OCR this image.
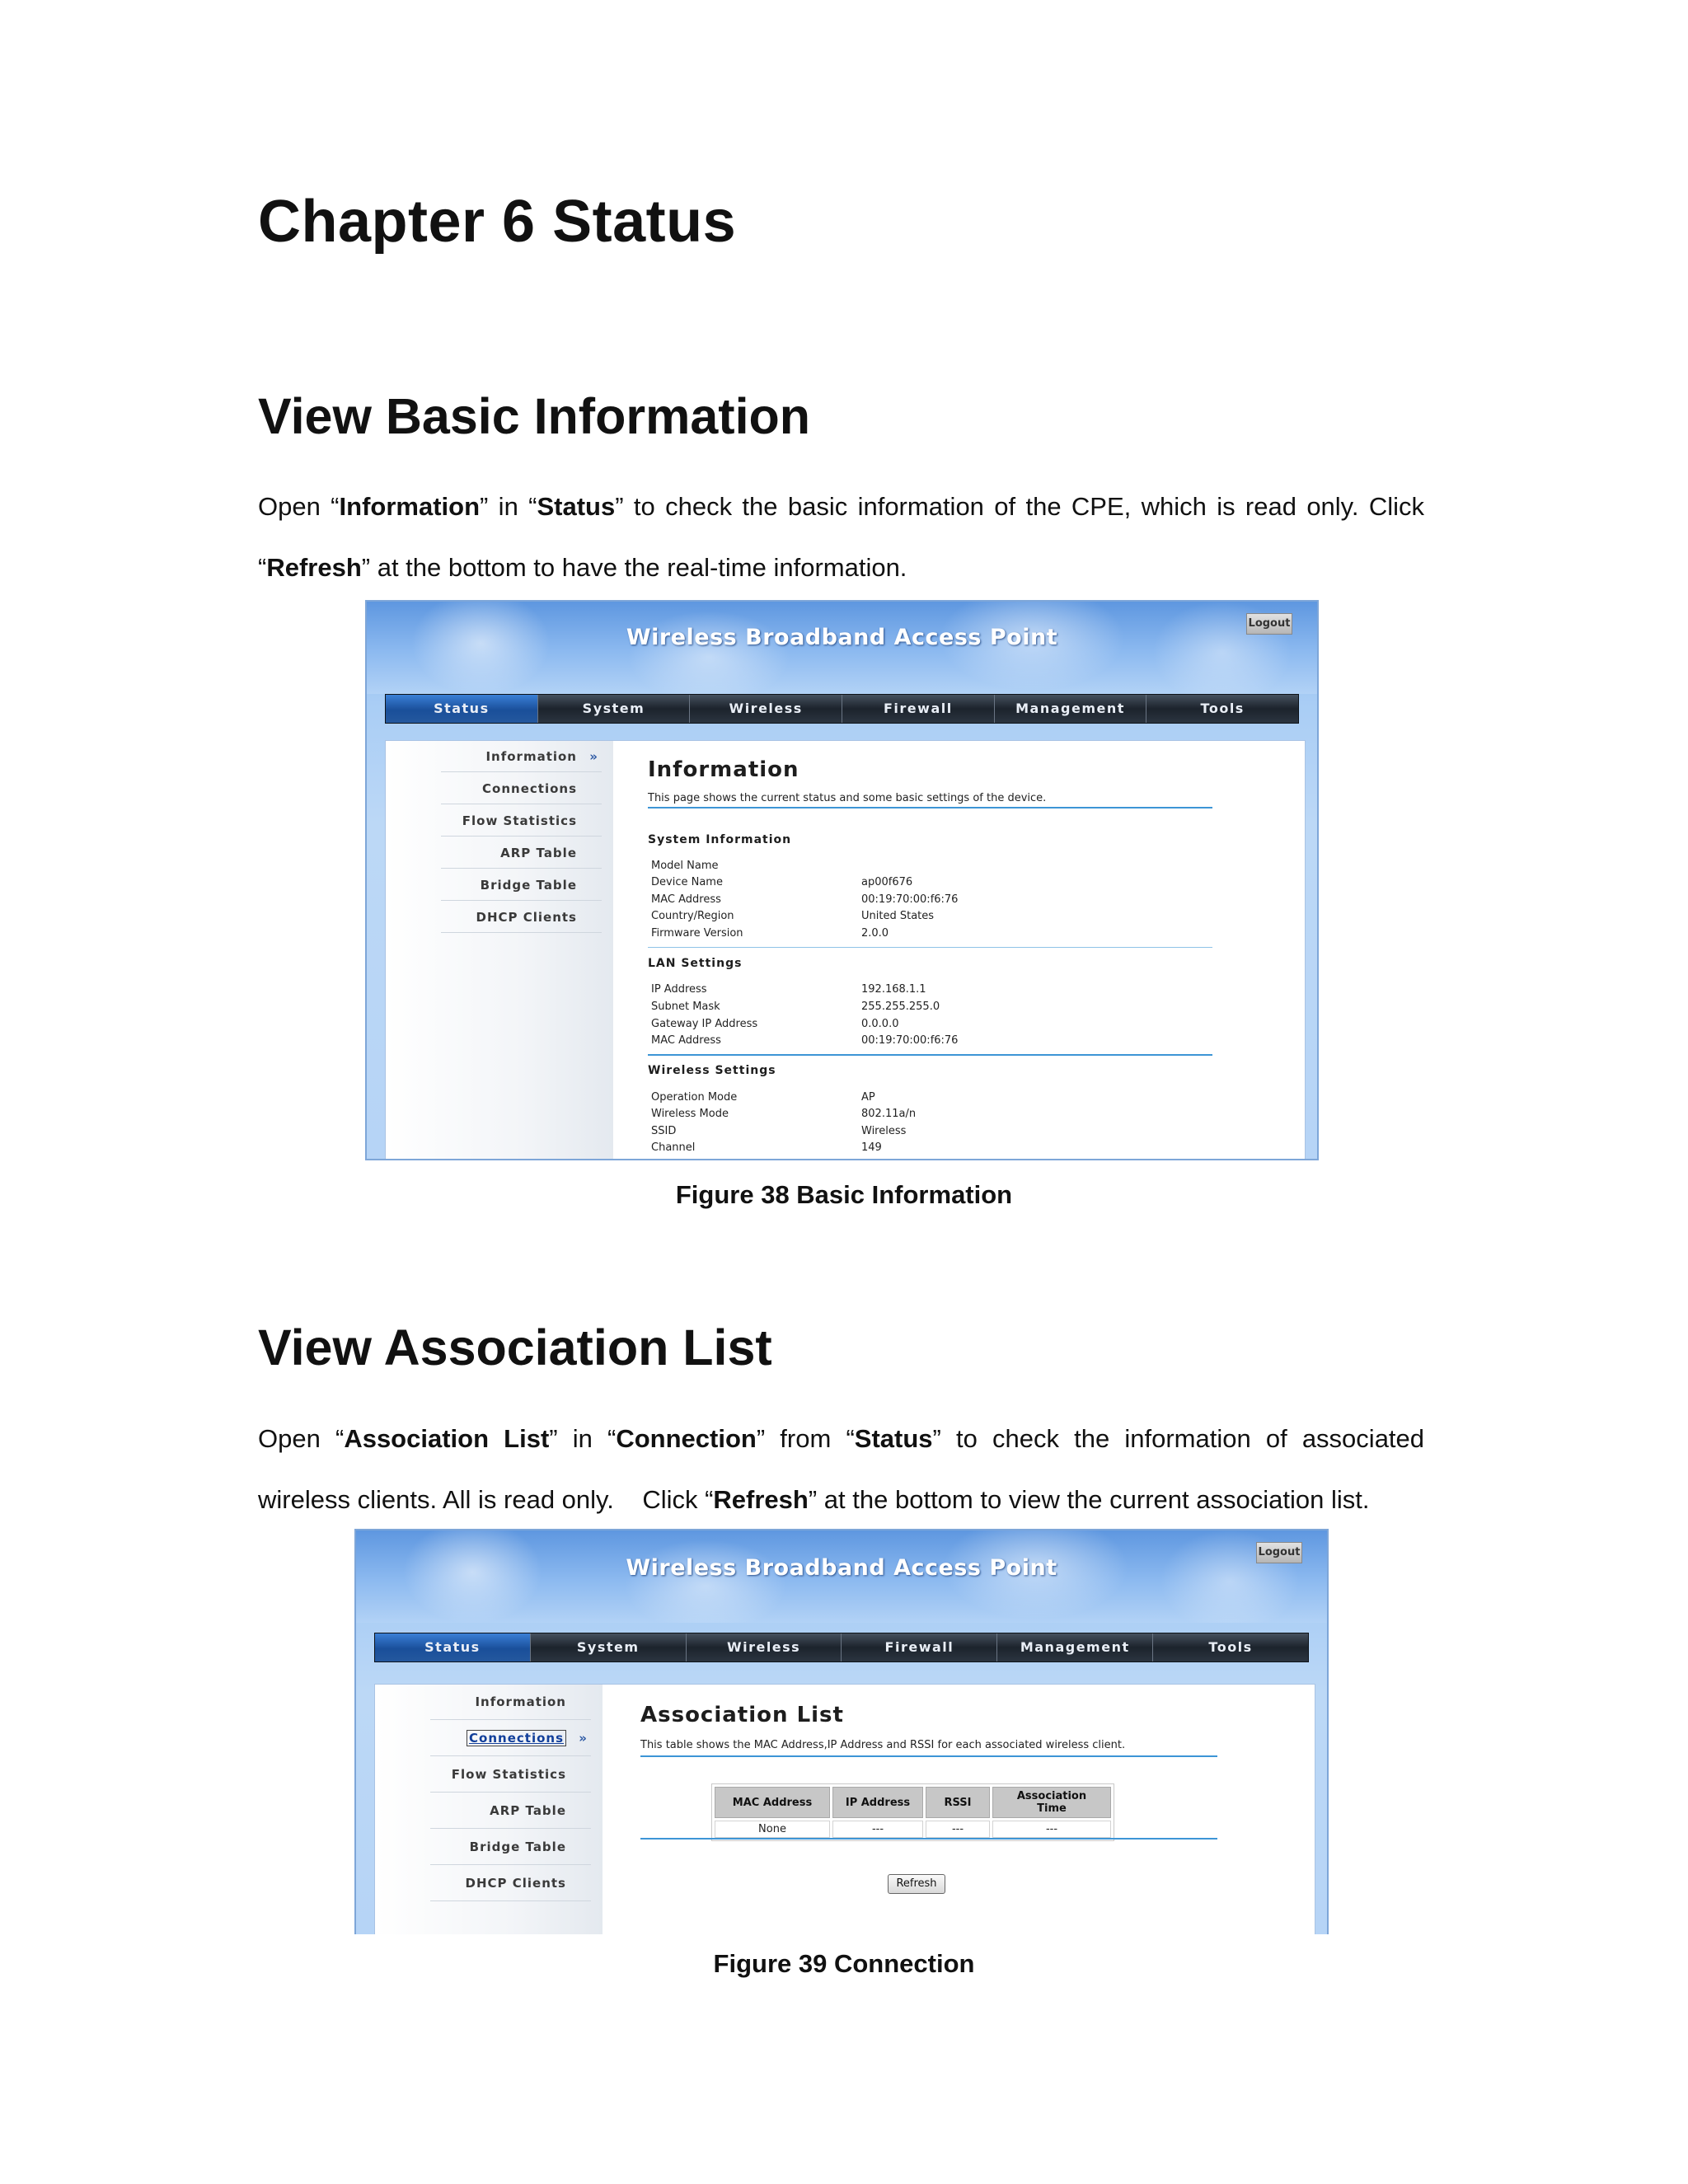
Chapter 6 Status
View Basic Information
Open “Information” in “Status” to check the basic information of the CPE, which is read only. Click
“Refresh” at the bottom to have the real-time information.
Wireless Broadband Access Point
Logout
Status	System	Wireless	Firewall	Management	Tools
Information »
Connections
Flow Statistics
ARP Table
Bridge Table
DHCP Clients
Information
This page shows the current status and some basic settings of the device.
System Information
Model Name
Device Name	ap00f676
MAC Address	00:19:70:00:f6:76
Country/Region	United States
Firmware Version	2.0.0
LAN Settings
IP Address	192.168.1.1
Subnet Mask	255.255.255.0
Gateway IP Address	0.0.0.0
MAC Address	00:19:70:00:f6:76
Wireless Settings
Operation Mode	AP
Wireless Mode	802.11a/n
SSID	Wireless
Channel	149
Figure 38 Basic Information
View Association List
Open “Association List” in “Connection” from “Status” to check the information of associated
wireless clients. All is read only.    Click “Refresh” at the bottom to view the current association list.
Wireless Broadband Access Point
Logout
Status	System	Wireless	Firewall	Management	Tools
Information
Connections »
Flow Statistics
ARP Table
Bridge Table
DHCP Clients
Association List
This table shows the MAC Address,IP Address and RSSI for each associated wireless client.
MAC Address	IP Address	RSSI	Association Time
None	---	---	---
Refresh
Figure 39 Connection
